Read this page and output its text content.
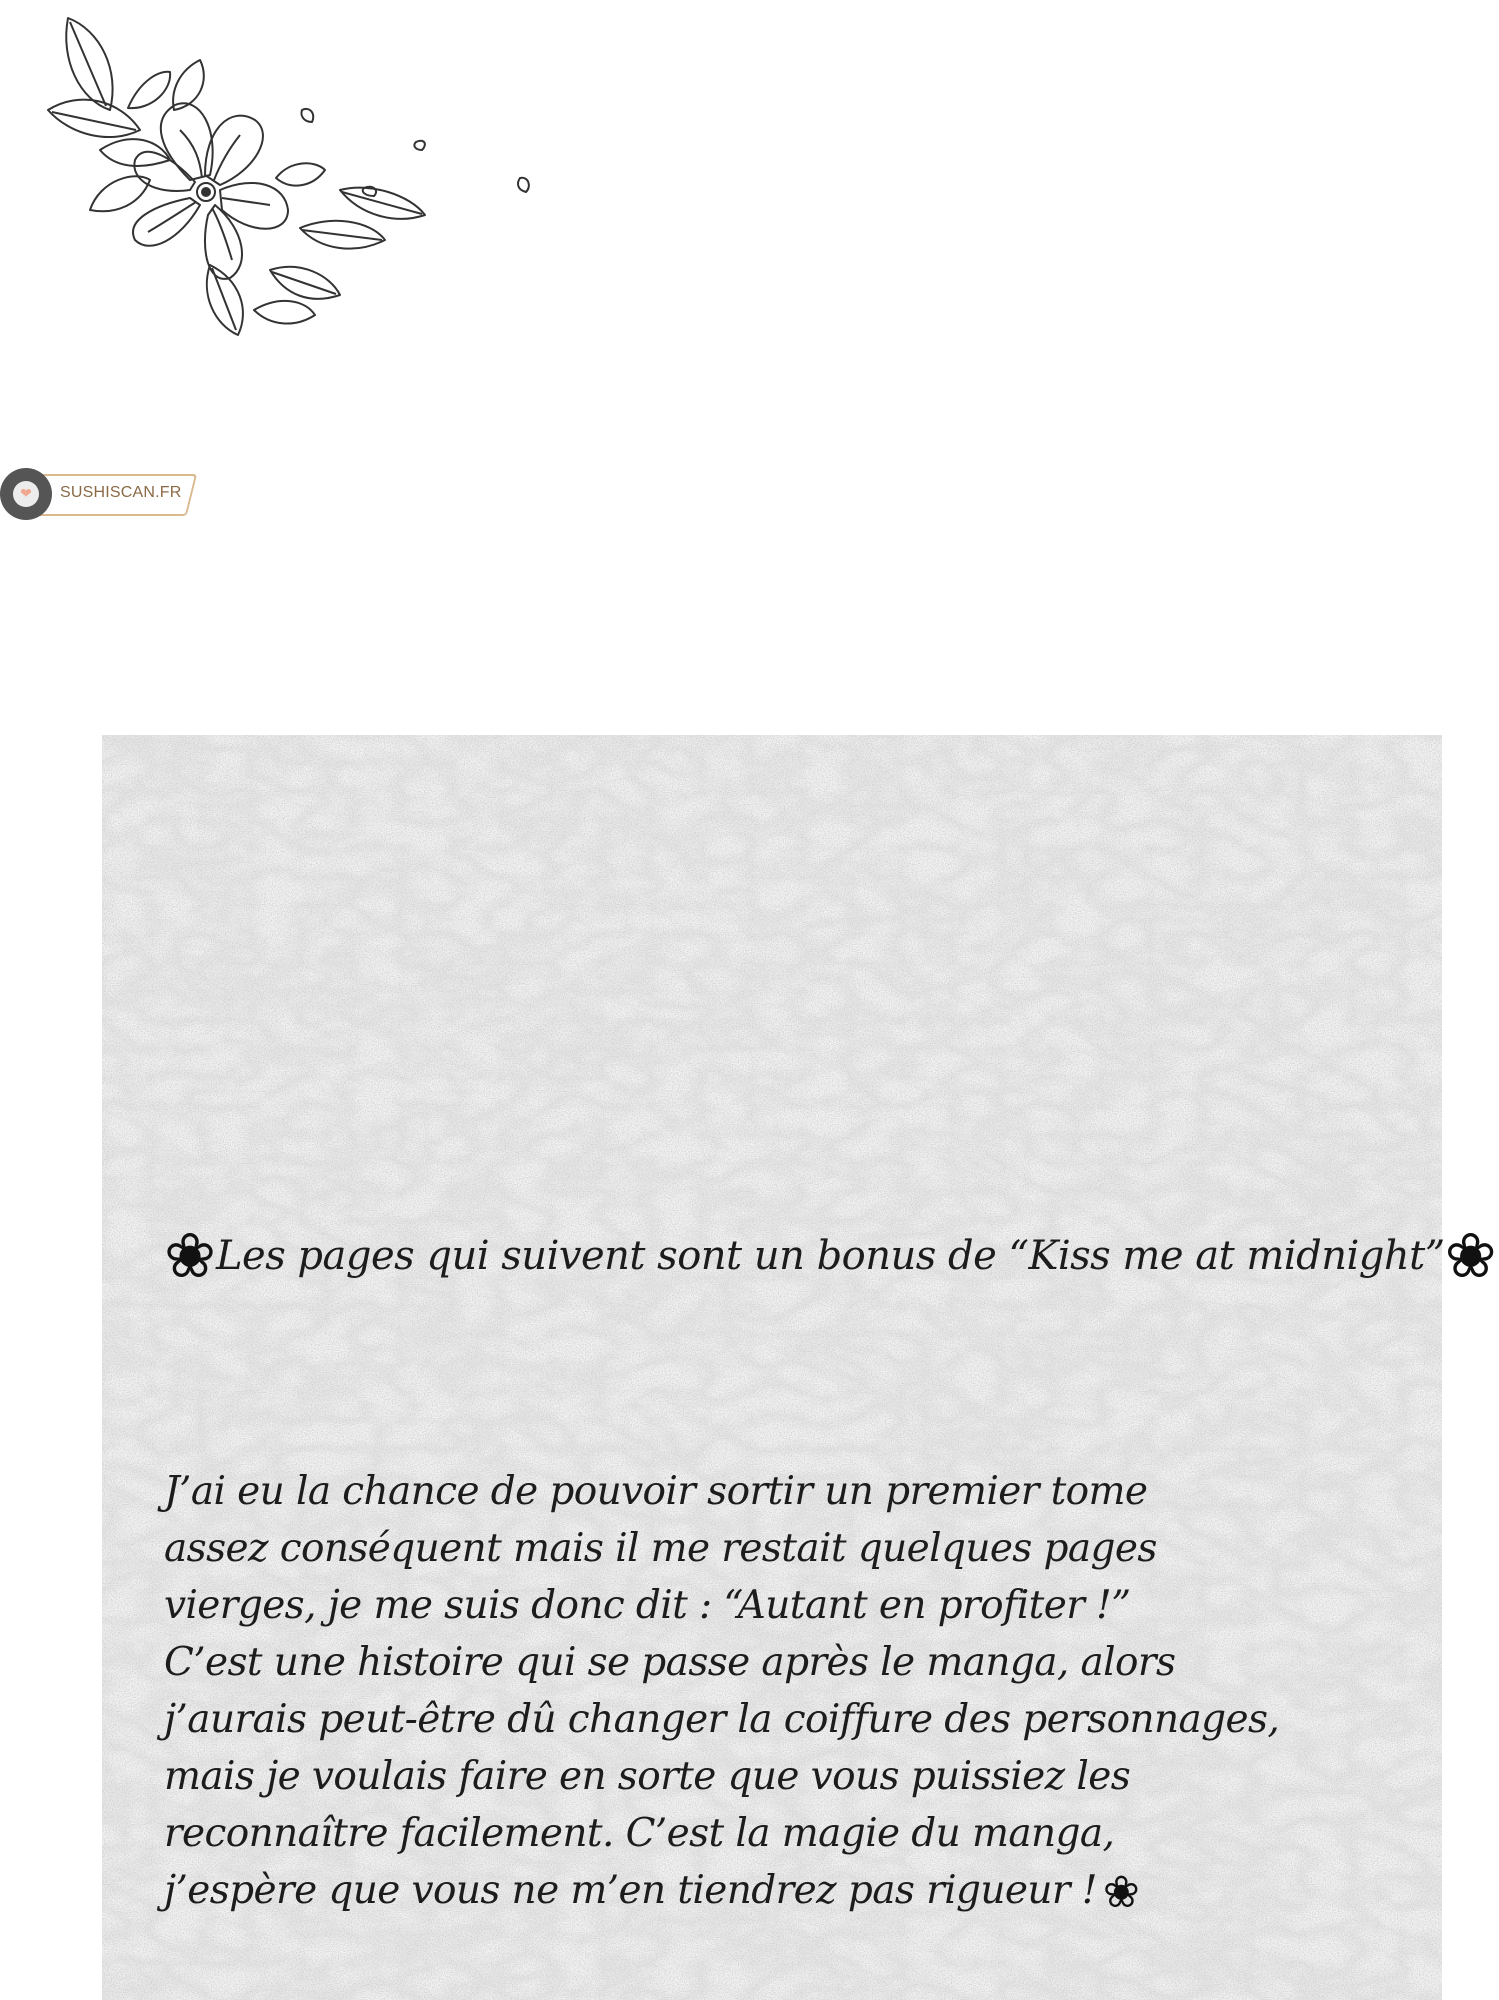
❤	SUSHISCAN.FR
❀ Les pages qui suivent sont un bonus de “Kiss me at midnight” ❀
J’ai eu la chance de pouvoir sortir un premier tome
assez conséquent mais il me restait quelques pages
vierges, je me suis donc dit : “Autant en profiter !”
C’est une histoire qui se passe après le manga, alors
j’aurais peut-être dû changer la coiffure des personnages,
mais je voulais faire en sorte que vous puissiez les
reconnaître facilement. C’est la magie du manga,
j’espère que vous ne m’en tiendrez pas rigueur ! ❀
